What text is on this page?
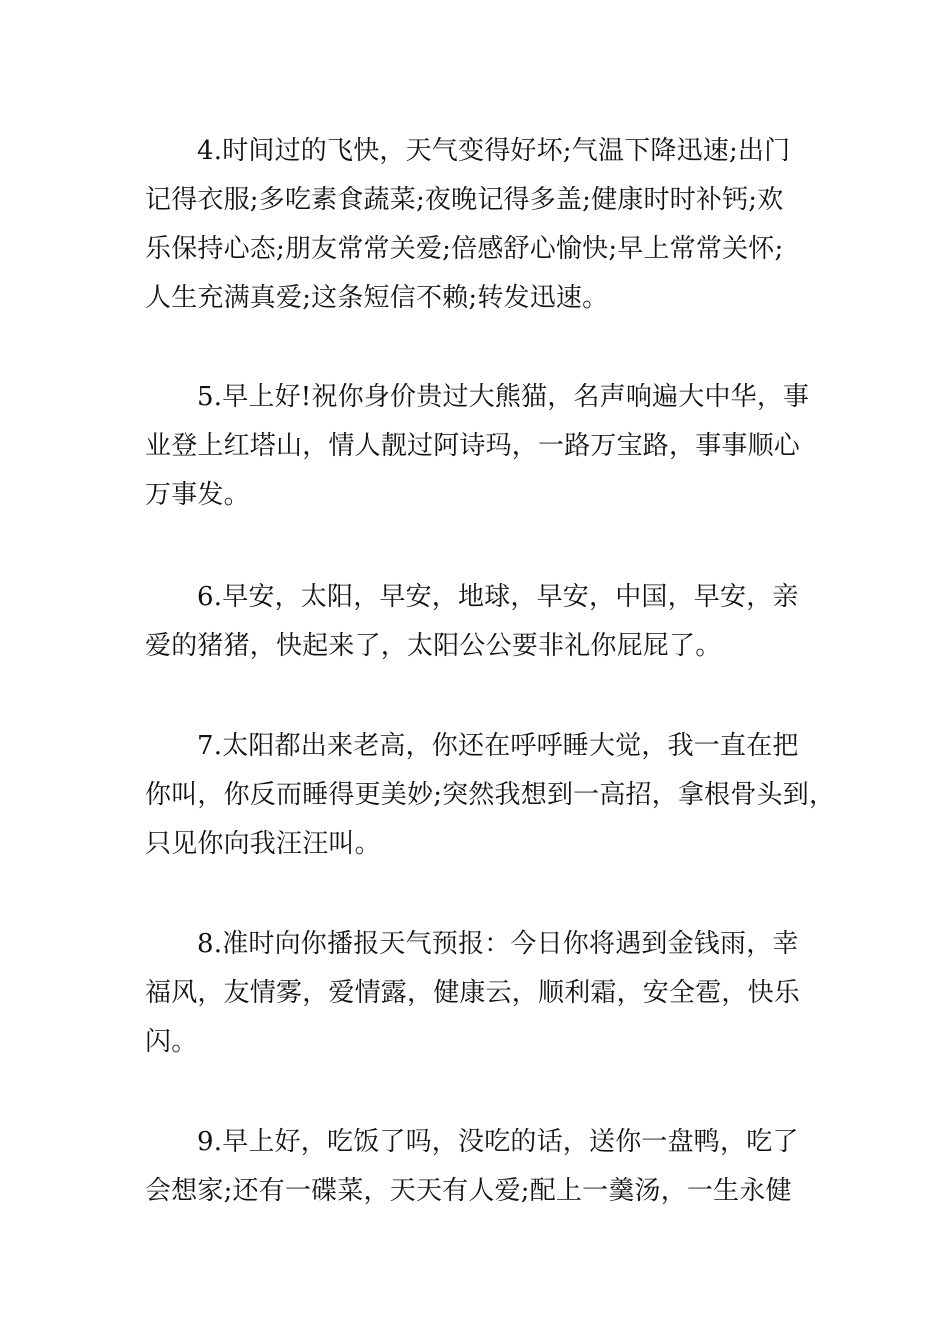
4.时间过的飞快，天气变得好坏;气温下降迅速;出门
记得衣服;多吃素食蔬菜;夜晚记得多盖;健康时时补钙;欢
乐保持心态;朋友常常关爱;倍感舒心愉快;早上常常关怀;
人生充满真爱;这条短信不赖;转发迅速。
5.早上好!祝你身价贵过大熊猫，名声响遍大中华，事
业登上红塔山，情人靓过阿诗玛，一路万宝路，事事顺心
万事发。
6.早安，太阳，早安，地球，早安，中国，早安，亲
爱的猪猪，快起来了，太阳公公要非礼你屁屁了。
7.太阳都出来老高，你还在呼呼睡大觉，我一直在把
你叫，你反而睡得更美妙;突然我想到一高招，拿根骨头到，
只见你向我汪汪叫。
8.准时向你播报天气预报：今日你将遇到金钱雨，幸
福风，友情雾，爱情露，健康云，顺利霜，安全雹，快乐
闪。
9.早上好，吃饭了吗，没吃的话，送你一盘鸭，吃了
会想家;还有一碟菜，天天有人爱;配上一羹汤，一生永健
